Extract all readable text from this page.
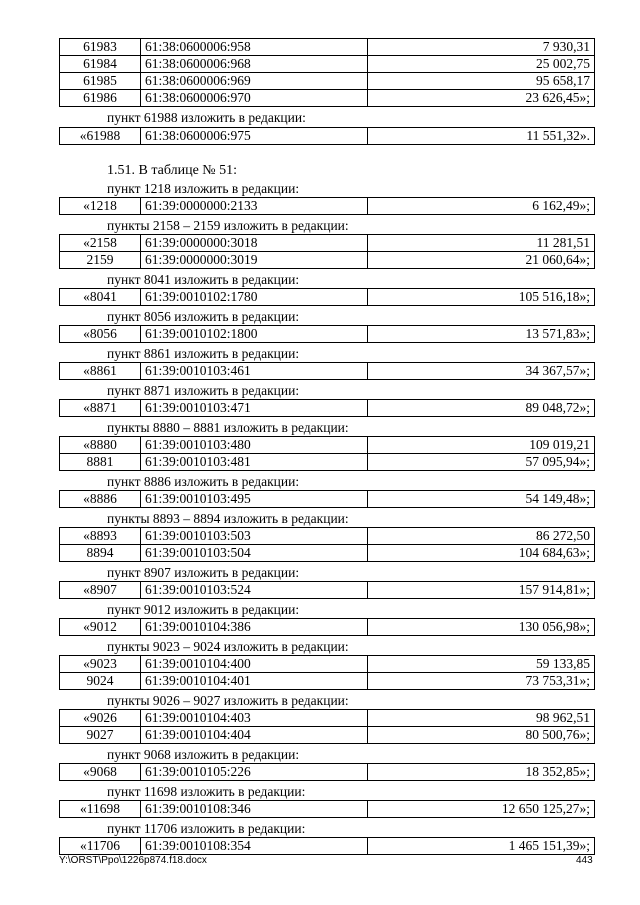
61983	61:38:0600006:958	7 930,31
61984	61:38:0600006:968	25 002,75
61985	61:38:0600006:969	95 658,17
61986	61:38:0600006:970	23 626,45»;
пункт 61988 изложить в редакции:
«61988	61:38:0600006:975	11 551,32».
1.51. В таблице № 51:
пункт 1218 изложить в редакции:
«1218	61:39:0000000:2133	6 162,49»;
пункты 2158 – 2159 изложить в редакции:
«2158	61:39:0000000:3018	11 281,51
2159	61:39:0000000:3019	21 060,64»;
пункт 8041 изложить в редакции:
«8041	61:39:0010102:1780	105 516,18»;
пункт 8056 изложить в редакции:
«8056	61:39:0010102:1800	13 571,83»;
пункт 8861 изложить в редакции:
«8861	61:39:0010103:461	34 367,57»;
пункт 8871 изложить в редакции:
«8871	61:39:0010103:471	89 048,72»;
пункты 8880 – 8881 изложить в редакции:
«8880	61:39:0010103:480	109 019,21
8881	61:39:0010103:481	57 095,94»;
пункт 8886 изложить в редакции:
«8886	61:39:0010103:495	54 149,48»;
пункты 8893 – 8894 изложить в редакции:
«8893	61:39:0010103:503	86 272,50
8894	61:39:0010103:504	104 684,63»;
пункт 8907 изложить в редакции:
«8907	61:39:0010103:524	157 914,81»;
пункт 9012 изложить в редакции:
«9012	61:39:0010104:386	130 056,98»;
пункты 9023 – 9024 изложить в редакции:
«9023	61:39:0010104:400	59 133,85
9024	61:39:0010104:401	73 753,31»;
пункты 9026 – 9027 изложить в редакции:
«9026	61:39:0010104:403	98 962,51
9027	61:39:0010104:404	80 500,76»;
пункт 9068 изложить в редакции:
«9068	61:39:0010105:226	18 352,85»;
пункт 11698 изложить в редакции:
«11698	61:39:0010108:346	12 650 125,27»;
пункт 11706 изложить в редакции:
«11706	61:39:0010108:354	1 465 151,39»;
Y:\ORST\Ppo\1226p874.f18.docx	443
